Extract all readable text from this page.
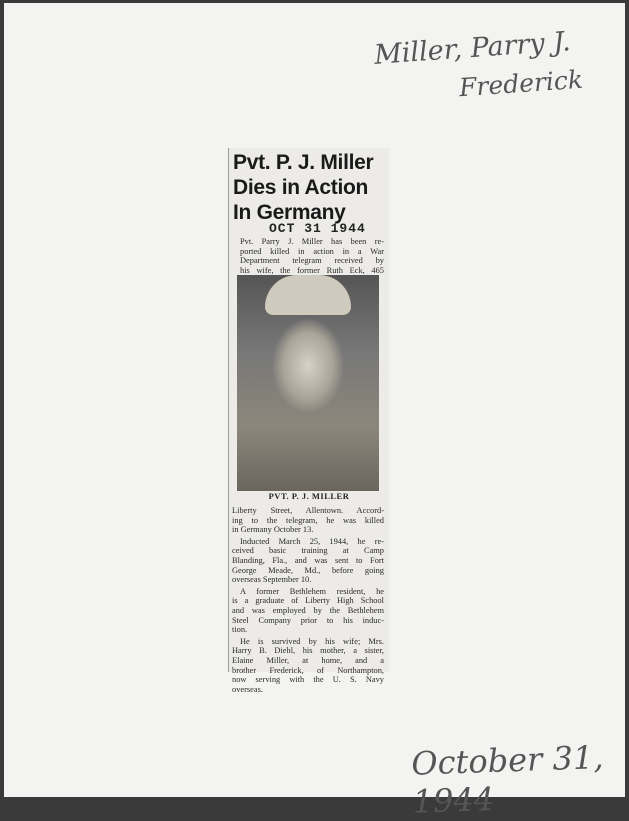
Miller, Parry J.
Frederick
October 31, 1944
Pvt. P. J. Miller
Dies in Action
In Germany
OCT 31 1944

Pvt. Parry J. Miller has been re-
ported killed in action in a War
Department telegram received by
his wife, the former Ruth Eck, 465

PVT. P. J. MILLER

Liberty Street, Allentown. Accord-
ing to the telegram, he was killed
in Germany October 13.

Inducted March 25, 1944, he re-
ceived basic training at Camp
Blanding, Fla., and was sent to Fort
George Meade, Md., before going
overseas September 10.

A former Bethlehem resident, he
is a graduate of Liberty High School
and was employed by the Bethlehem
Steel Company prior to his induc-
tion.

He is survived by his wife; Mrs.
Harry B. Diehl, his mother, a sister,
Elaine Miller, at home, and a
brother Frederick, of Northampton,
now serving with the U. S. Navy
overseas.
